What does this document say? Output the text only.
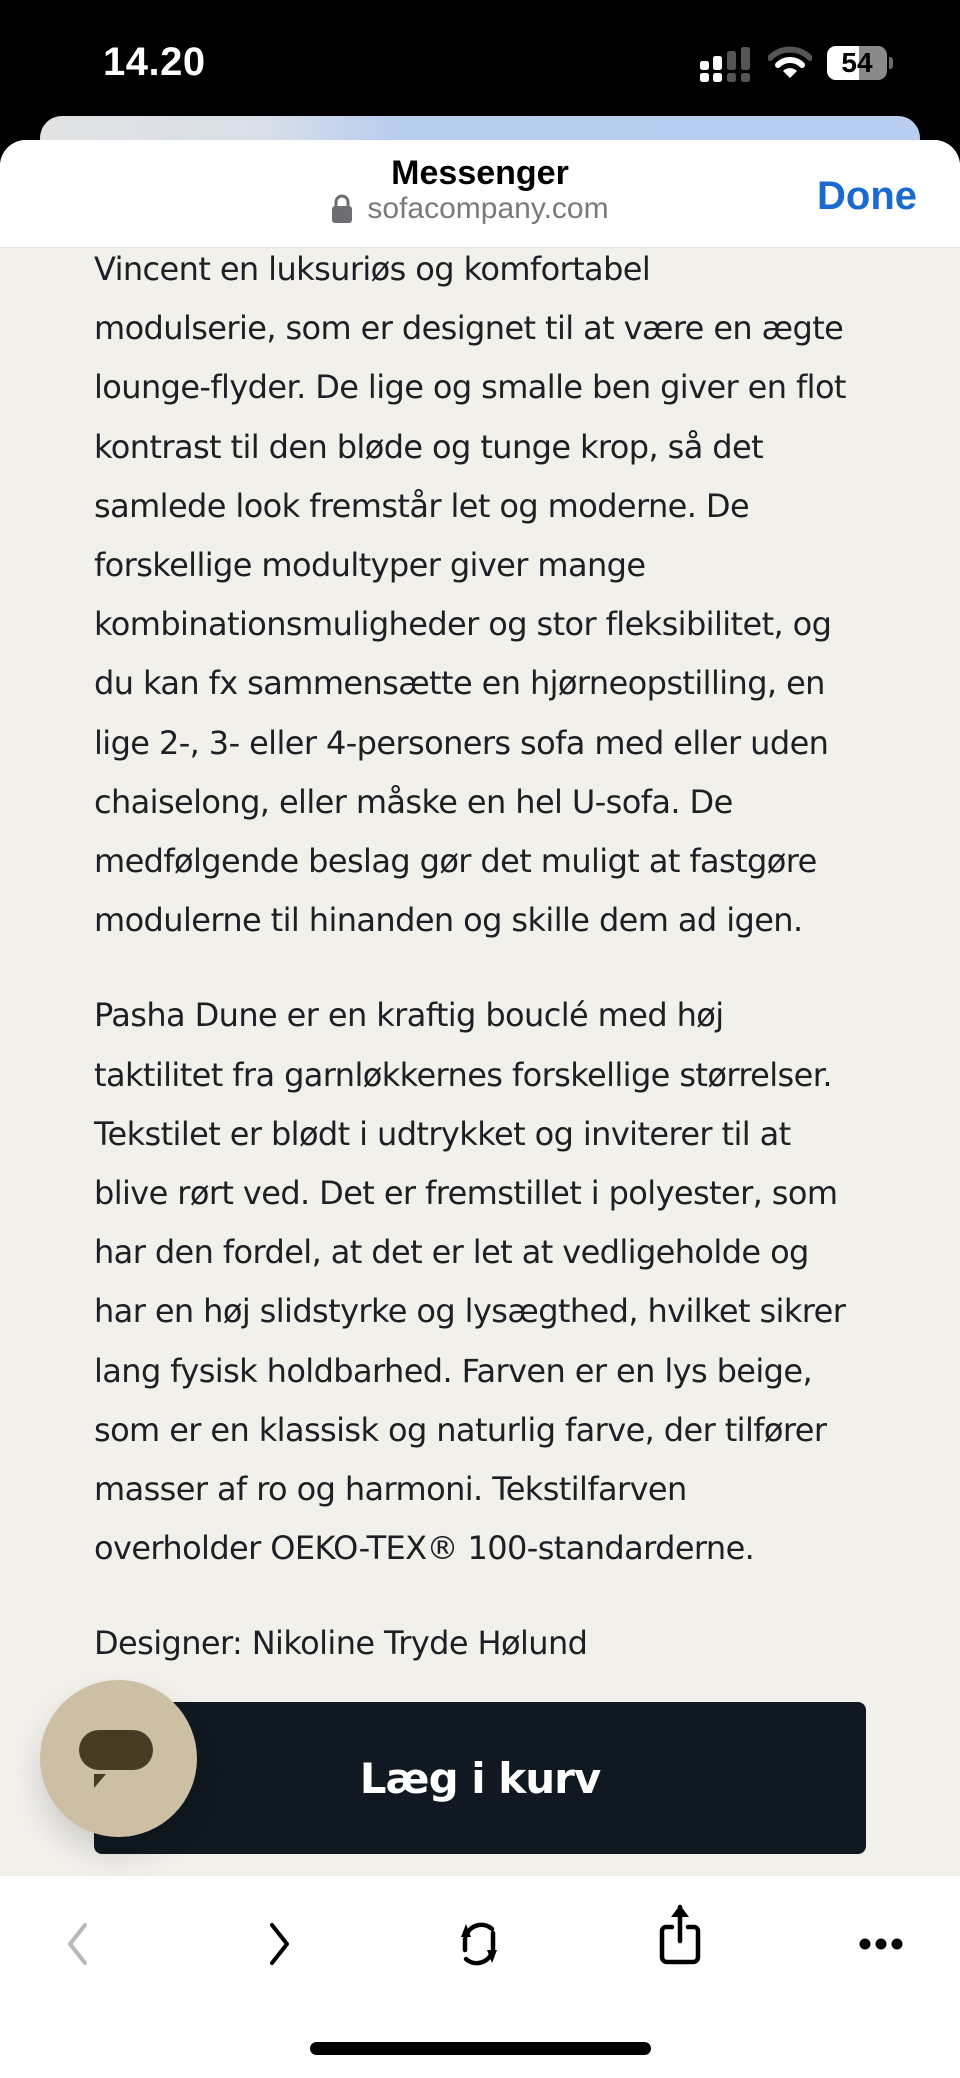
14.20	54
Messenger
sofacompany.com	Done

Vincent en luksuriøs og komfortabel
modulserie, som er designet til at være en ægte
lounge-flyder. De lige og smalle ben giver en flot
kontrast til den bløde og tunge krop, så det
samlede look fremstår let og moderne. De
forskellige modultyper giver mange
kombinationsmuligheder og stor fleksibilitet, og
du kan fx sammensætte en hjørneopstilling, en
lige 2-, 3- eller 4-personers sofa med eller uden
chaiselong, eller måske en hel U-sofa. De
medfølgende beslag gør det muligt at fastgøre
modulerne til hinanden og skille dem ad igen.

Pasha Dune er en kraftig bouclé med høj
taktilitet fra garnløkkernes forskellige størrelser.
Tekstilet er blødt i udtrykket og inviterer til at
blive rørt ved. Det er fremstillet i polyester, som
har den fordel, at det er let at vedligeholde og
har en høj slidstyrke og lysægthed, hvilket sikrer
lang fysisk holdbarhed. Farven er en lys beige,
som er en klassisk og naturlig farve, der tilfører
masser af ro og harmoni. Tekstilfarven
overholder OEKO-TEX® 100-standarderne.

Designer: Nikoline Tryde Hølund

Læg i kurv
